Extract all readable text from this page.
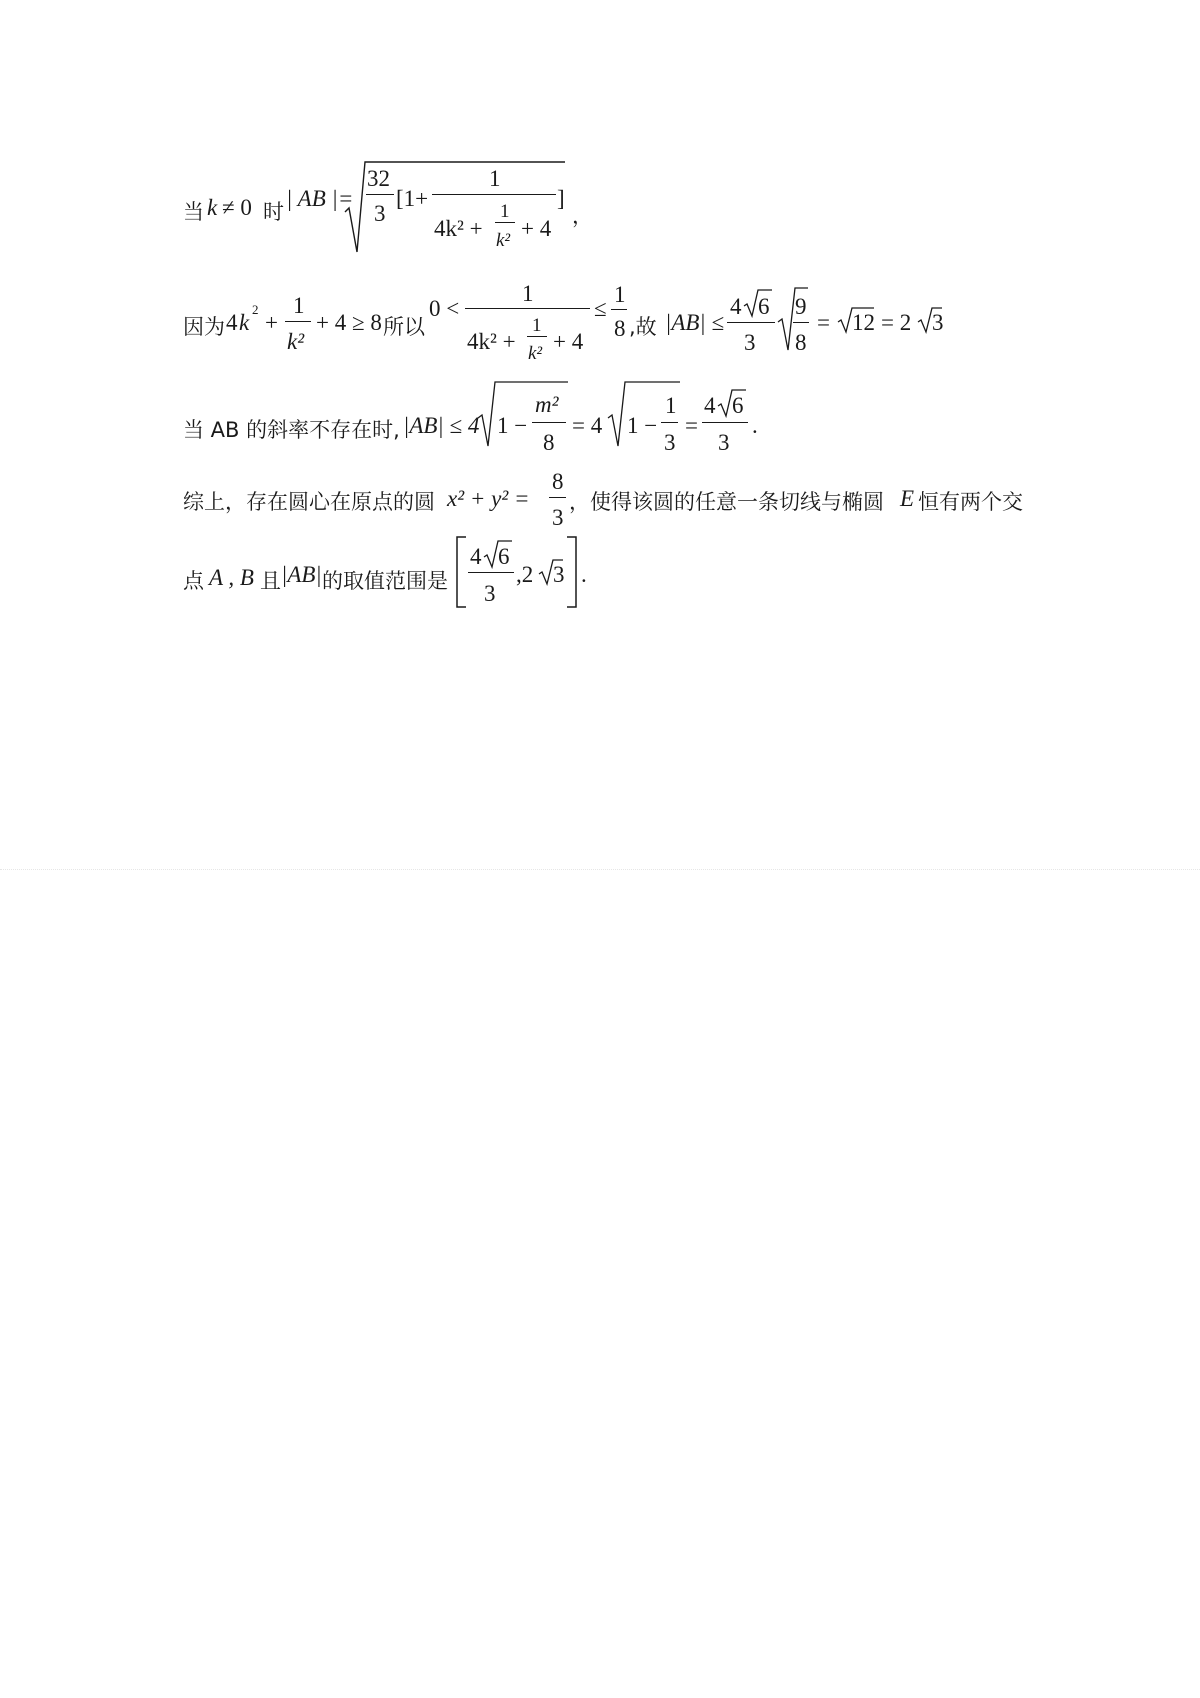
当 k ≠ 0 时
| AB |=
32
3
[1+
1
4k² +
1
k² + 4
]
，
因为 4 k
2
+
1
k²
+ 4 ≥ 8 所以
0 <
1
4k² +
1
k² + 4
≤
1
8 ,故 |AB| ≤
4 6
3
9
8
= 12 = 2 3
当 AB 的斜率不存在时, |AB| ≤ 4 1 −
m²
8
= 4 1 −
1
3
=
4 6
3
.
综上，存在圆心在原点的圆 x² + y² =
8
3
，使得该圆的任意一条切线与椭圆 E 恒有两个交
点 A , B 且 |AB| 的取值范围是
4 6
3
,2 3 .
